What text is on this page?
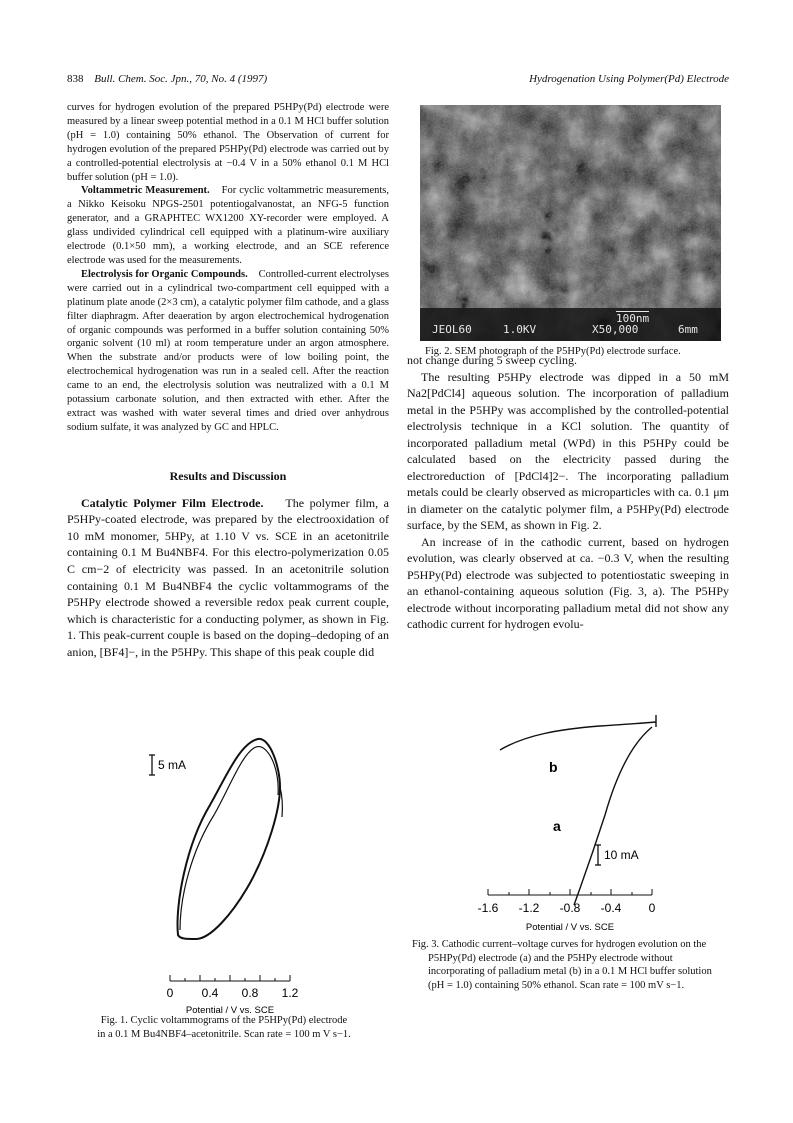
838 Bull. Chem. Soc. Jpn., 70, No. 4 (1997)	Hydrogenation Using Polymer(Pd) Electrode

curves for hydrogen evolution of the prepared P5HPy(Pd) electrode were measured by a linear sweep potential method in a 0.1 M HCl buffer solution (pH = 1.0) containing 50% ethanol. The Observation of current for hydrogen evolution of the prepared P5HPy(Pd) electrode was carried out by a controlled-potential electrolysis at −0.4 V in a 50% ethanol 0.1 M HCl buffer solution (pH = 1.0).

Voltammetric Measurement. For cyclic voltammetric measurements, a Nikko Keisoku NPGS-2501 potentiogalvanostat, an NFG-5 function generator, and a GRAPHTEC WX1200 XY-recorder were employed. A glass undivided cylindrical cell equipped with a platinum-wire auxiliary electrode (0.1×50 mm), a working electrode, and an SCE reference electrode was used for the measurements.

Electrolysis for Organic Compounds. Controlled-current electrolyses were carried out in a cylindrical two-compartment cell equipped with a platinum plate anode (2×3 cm), a catalytic polymer film cathode, and a glass filter diaphragm. After deaeration by argon electrochemical hydrogenation of organic compounds was performed in a buffer solution containing 50% organic solvent (10 ml) at room temperature under an argon atmosphere. When the substrate and/or products were of low boiling point, the electrochemical hydrogenation was run in a sealed cell. After the reaction came to an end, the electrolysis solution was neutralized with a 0.1 M potassium carbonate solution, and then extracted with ether. After the extract was washed with water several times and dried over anhydrous sodium sulfate, it was analyzed by GC and HPLC.

Results and Discussion

Catalytic Polymer Film Electrode. The polymer film, a P5HPy-coated electrode, was prepared by the electrooxidation of 10 mM monomer, 5HPy, at 1.10 V vs. SCE in an acetonitrile containing 0.1 M Bu4NBF4. For this electro-polymerization 0.05 C cm−2 of electricity was passed. In an acetonitrile solution containing 0.1 M Bu4NBF4 the cyclic voltammograms of the P5HPy electrode showed a reversible redox peak current couple, which is characteristic for a conducting polymer, as shown in Fig. 1. This peak-current couple is based on the doping–dedoping of an anion, [BF4]−, in the P5HPy. This shape of this peak couple did

JEOL60	1.0KV
100nm
X50,000	6mm
Fig. 2. SEM photograph of the P5HPy(Pd) electrode surface.

not change during 5 sweep cycling.

The resulting P5HPy electrode was dipped in a 50 mM Na2[PdCl4] aqueous solution. The incorporation of palladium metal in the P5HPy was accomplished by the controlled-potential electrolysis technique in a KCl solution. The quantity of incorporated palladium metal (WPd) in this P5HPy could be calculated based on the electricity passed during the electroreduction of [PdCl4]2−. The incorporating palladium metals could be clearly observed as microparticles with ca. 0.1 μm in diameter on the catalytic polymer film, a P5HPy(Pd) electrode surface, by the SEM, as shown in Fig. 2.

An increase of in the cathodic current, based on hydrogen evolution, was clearly observed at ca. −0.3 V, when the resulting P5HPy(Pd) electrode was subjected to potentiostatic sweeping in an ethanol-containing aqueous solution (Fig. 3, a). The P5HPy electrode without incorporating palladium metal did not show any cathodic current for hydrogen evolu-

5 mA
0 0.4 0.8 1.2
Potential / V vs. SCE
Fig. 1. Cyclic voltammograms of the P5HPy(Pd) electrode
in a 0.1 M Bu4NBF4–acetonitrile. Scan rate = 100 m V s−1.
b
a
10 mA
-1.6 -1.2 -0.8 -0.4 0
Potential / V vs. SCE
Fig. 3. Cathodic current–voltage curves for hydrogen evolution on the P5HPy(Pd) electrode (a) and the P5HPy electrode without incorporating of palladium metal (b) in a 0.1 M HCl buffer solution (pH = 1.0) containing 50% ethanol. Scan rate = 100 mV s−1.
